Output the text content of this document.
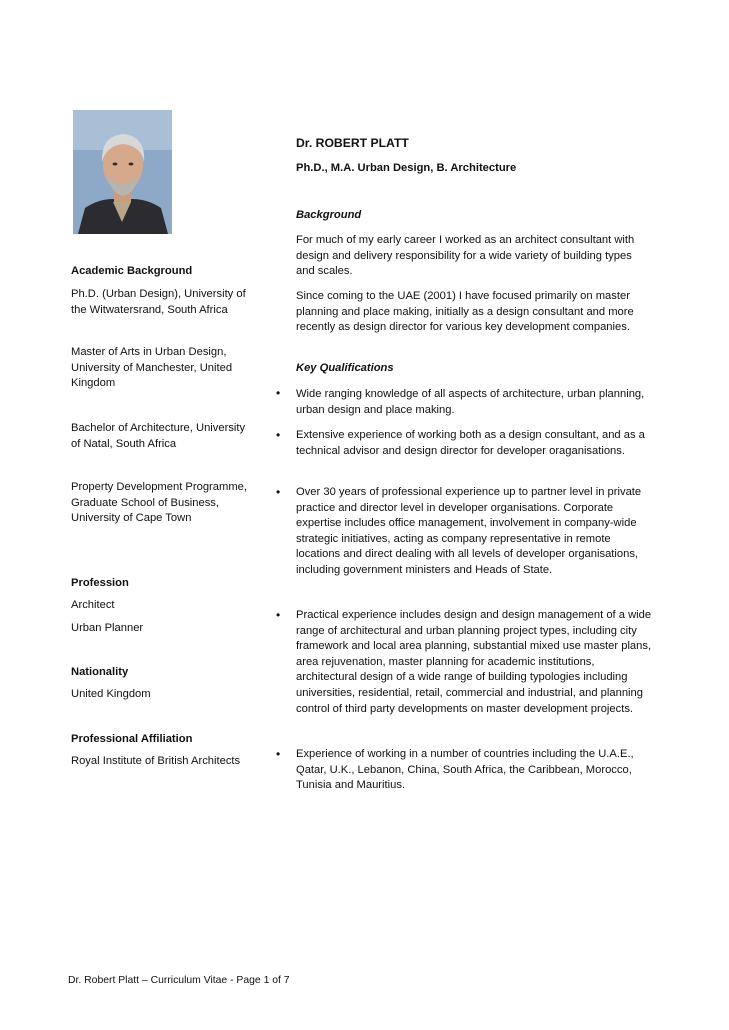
Dr. ROBERT PLATT
Ph.D., M.A. Urban Design, B. Architecture
Background
For much of my early career I worked as an architect consultant with design and delivery responsibility for a wide variety of building types and scales.
Since coming to the UAE (2001) I have focused primarily on master planning and place making, initially as a design consultant and more recently as design director for various key development companies.
Key Qualifications
• Wide ranging knowledge of all aspects of architecture, urban planning, urban design and place making.
• Extensive experience of working both as a design consultant, and as a technical advisor and design director for developer oraganisations.
• Over 30 years of professional experience up to partner level in private practice and director level in developer organisations. Corporate expertise includes office management, involvement in company-wide strategic initiatives, acting as company representative in remote locations and direct dealing with all levels of developer organisations, including government ministers and Heads of State.
• Practical experience includes design and design management of a wide range of architectural and urban planning project types, including city framework and local area planning, substantial mixed use master plans, area rejuvenation, master planning for academic institutions, architectural design of a wide range of building typologies including universities, residential, retail, commercial and industrial, and planning control of third party developments on master development projects.
• Experience of working in a number of countries including the U.A.E., Qatar, U.K., Lebanon, China, South Africa, the Caribbean, Morocco, Tunisia and Mauritius.
Academic Background
Ph.D. (Urban Design), University of the Witwatersrand, South Africa
Master of Arts in Urban Design, University of Manchester, United Kingdom
Bachelor of Architecture, University of Natal, South Africa
Property Development Programme, Graduate School of Business, University of Cape Town
Profession
Architect
Urban Planner
Nationality
United Kingdom
Professional Affiliation
Royal Institute of British Architects
Dr. Robert Platt – Curriculum Vitae - Page 1 of 7
